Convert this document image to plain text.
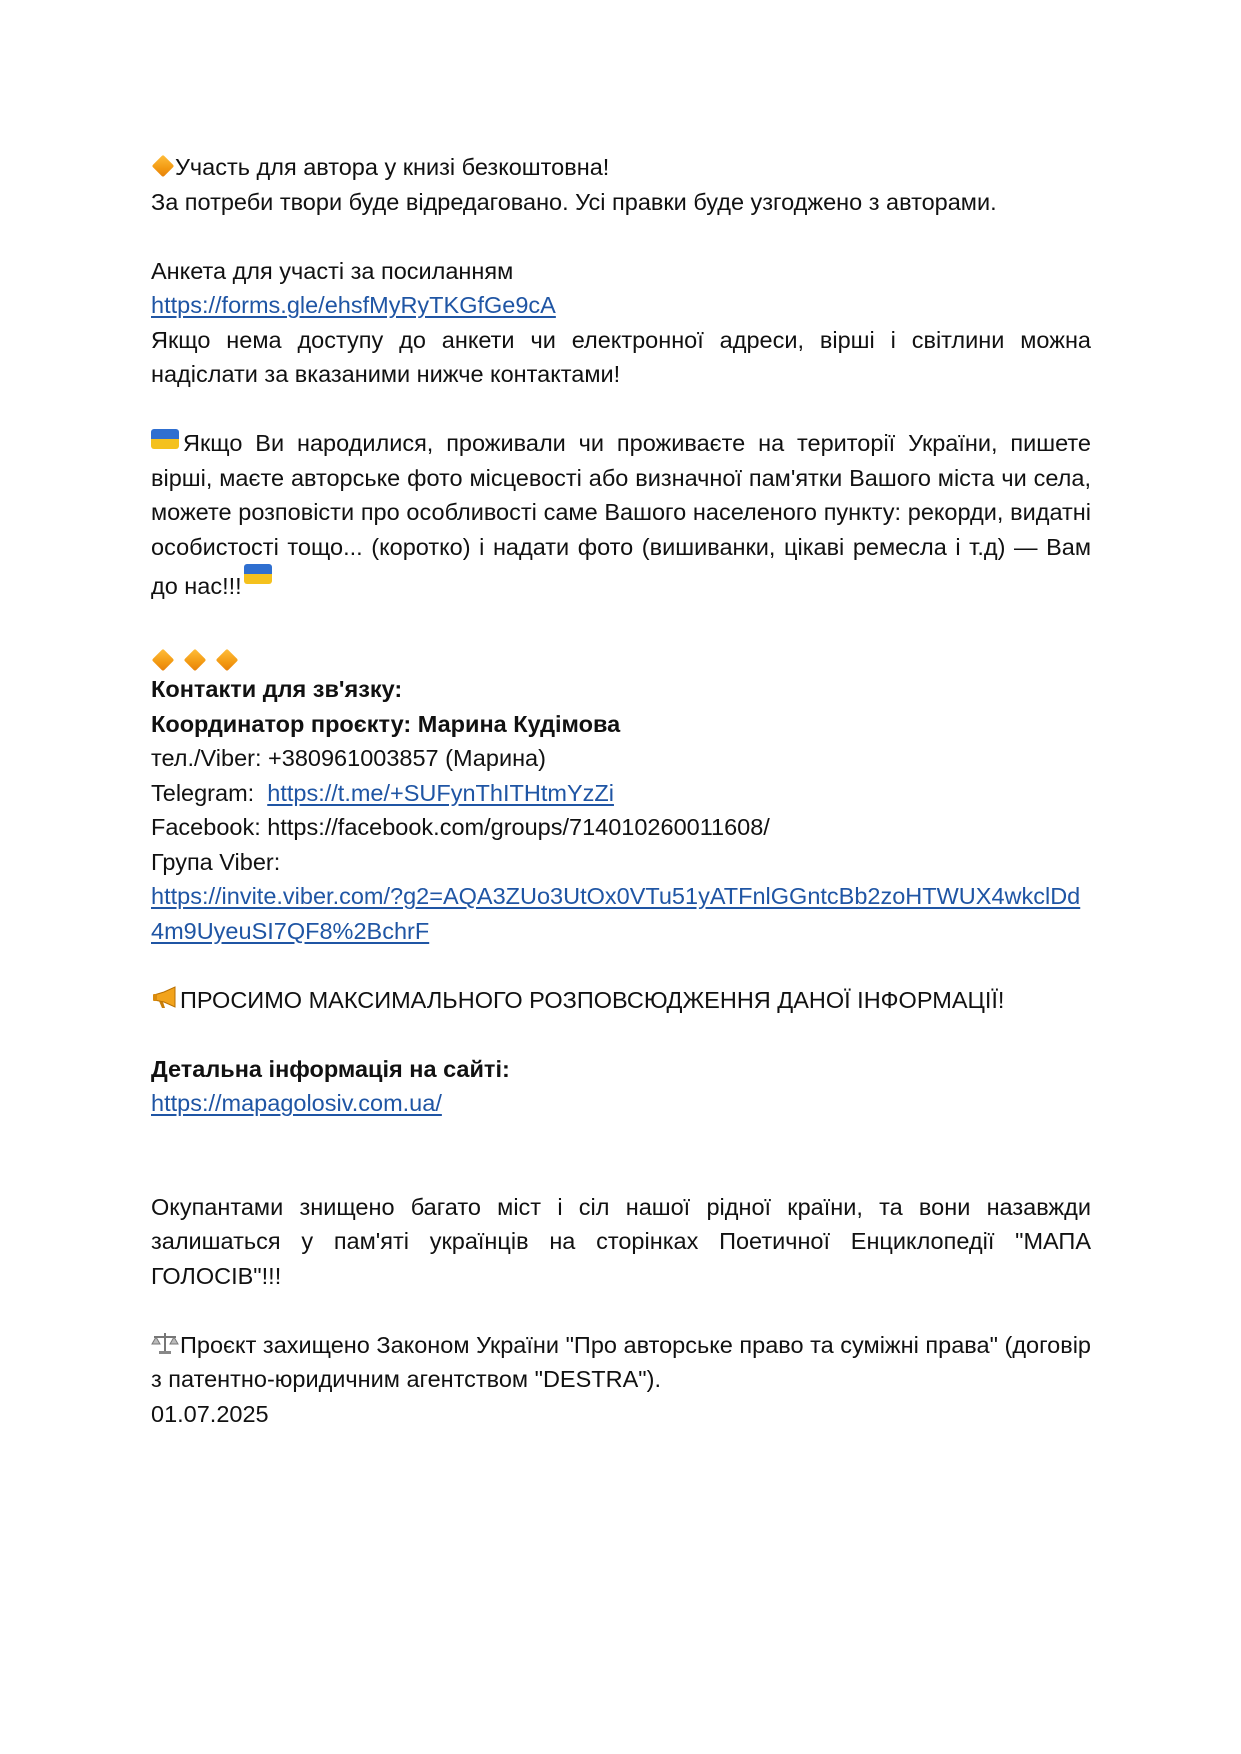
Участь для автора у книзі безкоштовна!
За потреби твори буде відредаговано. Усі правки буде узгоджено з авторами.
Анкета для участі за посиланням
https://forms.gle/ehsfMyRyTKGfGe9cA
Якщо нема доступу до анкети чи електронної адреси, вірші і світлини можна надіслати за вказаними нижче контактами!
Якщо Ви народилися, проживали чи проживаєте на території України, пишете вірші, маєте авторське фото місцевості або визначної пам'ятки Вашого міста чи села, можете розповісти про особливості саме Вашого населеного пункту: рекорди, видатні особистості тощо... (коротко) і надати фото (вишиванки, цікаві ремесла і т.д) — Вам до нас!!!
Контакти для зв'язку:
Координатор проєкту: Марина Кудімова
тел./Viber: +380961003857 (Марина)
Telegram: https://t.me/+SUFynThITHtmYzZi
Facebook: https://facebook.com/groups/714010260011608/
Група Viber:
https://invite.viber.com/?g2=AQA3ZUo3UtOx0VTu51yATFnlGGntcBb2zoHTWUX4wkclDd4m9UyeuSI7QF8%2BchrF
ПРОСИМО МАКСИМАЛЬНОГО РОЗПОВСЮДЖЕННЯ ДАНОЇ ІНФОРМАЦІЇ!
Детальна інформація на сайті:
https://mapagolosiv.com.ua/
Окупантами знищено багато міст і сіл нашої рідної країни, та вони назавжди залишаться у пам'яті українців на сторінках Поетичної Енциклопедії "МАПА ГОЛОСІВ"!!!
Проєкт захищено Законом України "Про авторське право та суміжні права" (договір з патентно-юридичним агентством "DESTRA").
01.07.2025
